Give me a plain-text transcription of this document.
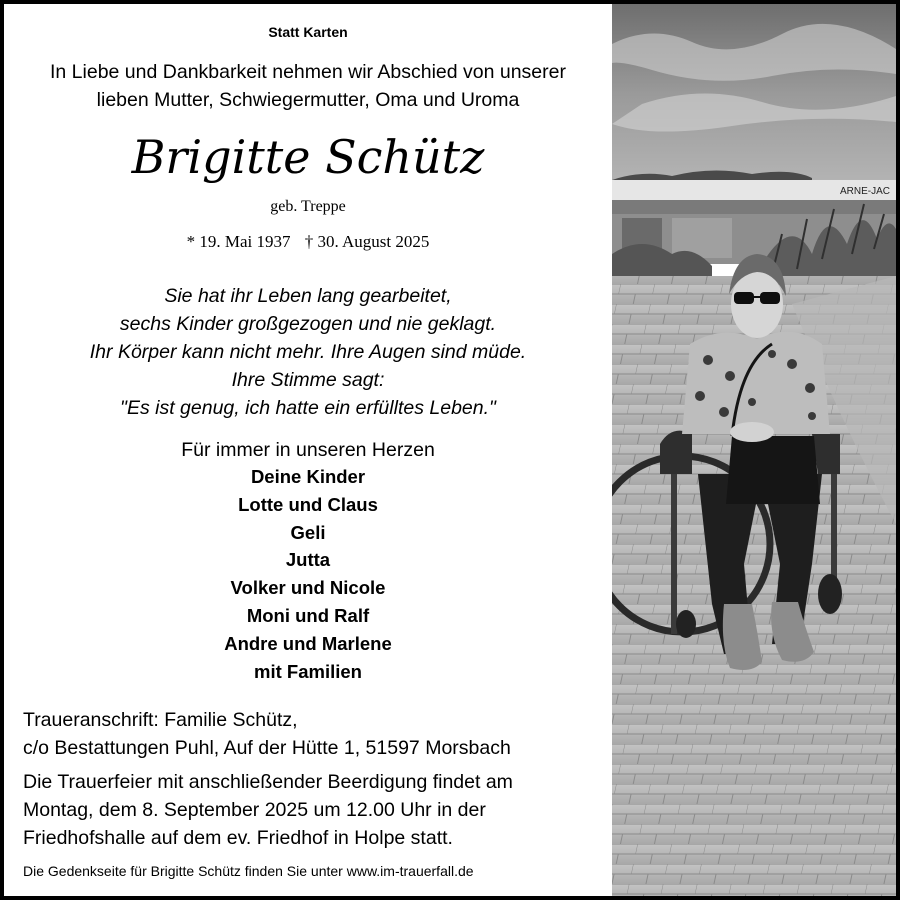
Statt Karten
In Liebe und Dankbarkeit nehmen wir Abschied von unserer
lieben Mutter, Schwiegermutter, Oma und Uroma
Brigitte Schütz
geb. Treppe
* 19. Mai 1937 † 30. August 2025
Sie hat ihr Leben lang gearbeitet,
sechs Kinder großgezogen und nie geklagt.
Ihr Körper kann nicht mehr. Ihre Augen sind müde.
Ihre Stimme sagt:
"Es ist genug, ich hatte ein erfülltes Leben."
Für immer in unseren Herzen
Deine Kinder
Lotte und Claus
Geli
Jutta
Volker und Nicole
Moni und Ralf
Andre und Marlene
mit Familien
Traueranschrift: Familie Schütz,
c/o Bestattungen Puhl, Auf der Hütte 1, 51597 Morsbach
Die Trauerfeier mit anschließender Beerdigung findet am
Montag, dem 8. September 2025 um 12.00 Uhr in der
Friedhofshalle auf dem ev. Friedhof in Holpe statt.
Die Gedenkseite für Brigitte Schütz finden Sie unter www.im-trauerfall.de
ARNE-JAC
